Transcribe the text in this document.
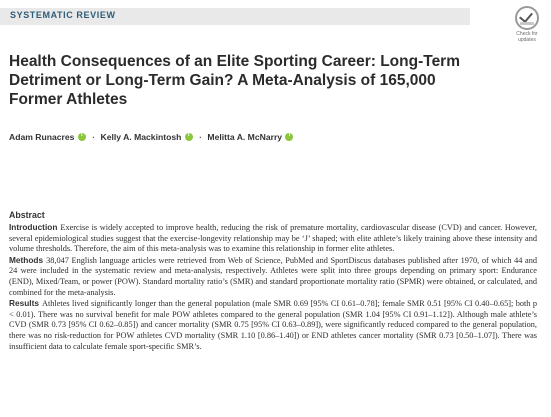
SYSTEMATIC REVIEW
Check for updates
Health Consequences of an Elite Sporting Career: Long-Term Detriment or Long-Term Gain? A Meta-Analysis of 165,000 Former Athletes
Adam Runacres i · Kelly A. Mackintosh i · Melitta A. McNarry i
Abstract

Introduction Exercise is widely accepted to improve health, reducing the risk of premature mortality, cardiovascular disease (CVD) and cancer. However, several epidemiological studies suggest that the exercise-longevity relationship may be ‘J’ shaped; with elite athlete’s likely training above these intensity and volume thresholds. Therefore, the aim of this meta-analysis was to examine this relationship in former elite athletes.

Methods 38,047 English language articles were retrieved from Web of Science, PubMed and SportDiscus databases published after 1970, of which 44 and 24 were included in the systematic review and meta-analysis, respectively. Athletes were split into three groups depending on primary sport: Endurance (END), Mixed/Team, or power (POW). Standard mortality ratio’s (SMR) and standard proportionate mortality ratio (SPMR) were obtained, or calculated, and combined for the meta-analysis.

Results Athletes lived significantly longer than the general population (male SMR 0.69 [95% CI 0.61–0.78]; female SMR 0.51 [95% CI 0.40–0.65]; both p < 0.01). There was no survival benefit for male POW athletes compared to the general population (SMR 1.04 [95% CI 0.91–1.12]). Although male athlete’s CVD (SMR 0.73 [95% CI 0.62–0.85]) and cancer mortality (SMR 0.75 [95% CI 0.63–0.89]), were significantly reduced compared to the general population, there was no risk-reduction for POW athletes CVD mortality (SMR 1.10 [0.86–1.40]) or END athletes cancer mortality (SMR 0.73 [0.50–1.07]). There was insufficient data to calculate female sport-specific SMR’s.
